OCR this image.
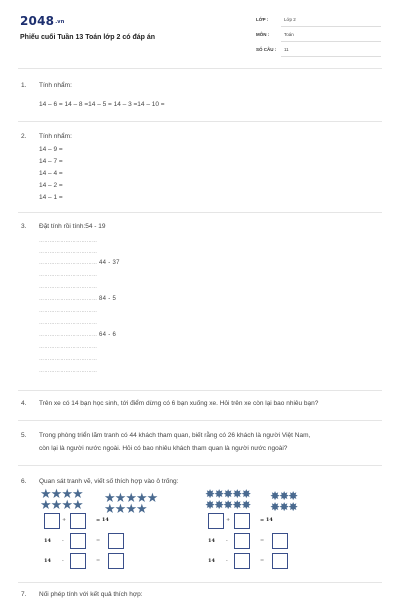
2048.vn
Phiếu cuối Tuần 13 Toán lớp 2 có đáp án
LỚP :	Lớp 2
MÔN :	Toán
SỐ CÂU : 11
1. Tính nhẩm:
14 – 6 = 14 – 8 =14 – 5 = 14 – 3 =14 – 10 =
2. Tính nhẩm:
14 – 9 =
14 – 7 =
14 – 4 =
14 – 2 =
14 – 1 =
3. Đặt tính rồi tính:54 - 19
……………………………
……………………………
…………………………… 44 - 37
……………………………
……………………………
…………………………… 84 - 5
……………………………
……………………………
…………………………… 64 - 6
……………………………
……………………………
……………………………
4. Trên xe có 14 bạn học sinh, tới điểm dừng có 6 bạn xuống xe. Hỏi trên xe còn lại bao nhiêu bạn?
5. Trong phòng triển lãm tranh có 44 khách tham quan, biết rằng có 26 khách là người Việt Nam,
còn lại là người nước ngoài. Hỏi có bao nhiêu khách tham quan là người nước ngoài?
6. Quan sát tranh vẽ, viết số thích hợp vào ô trống:
★★★★
★★★★ ★★★★★
★★★★
+	= 14
14 -	=
14 -	=
✸✸✸✸✸
✸✸✸✸✸
✸✸✸
✸✸✸
+	= 14
14 -	=
14 -	=
7. Nối phép tính với kết quả thích hợp:
